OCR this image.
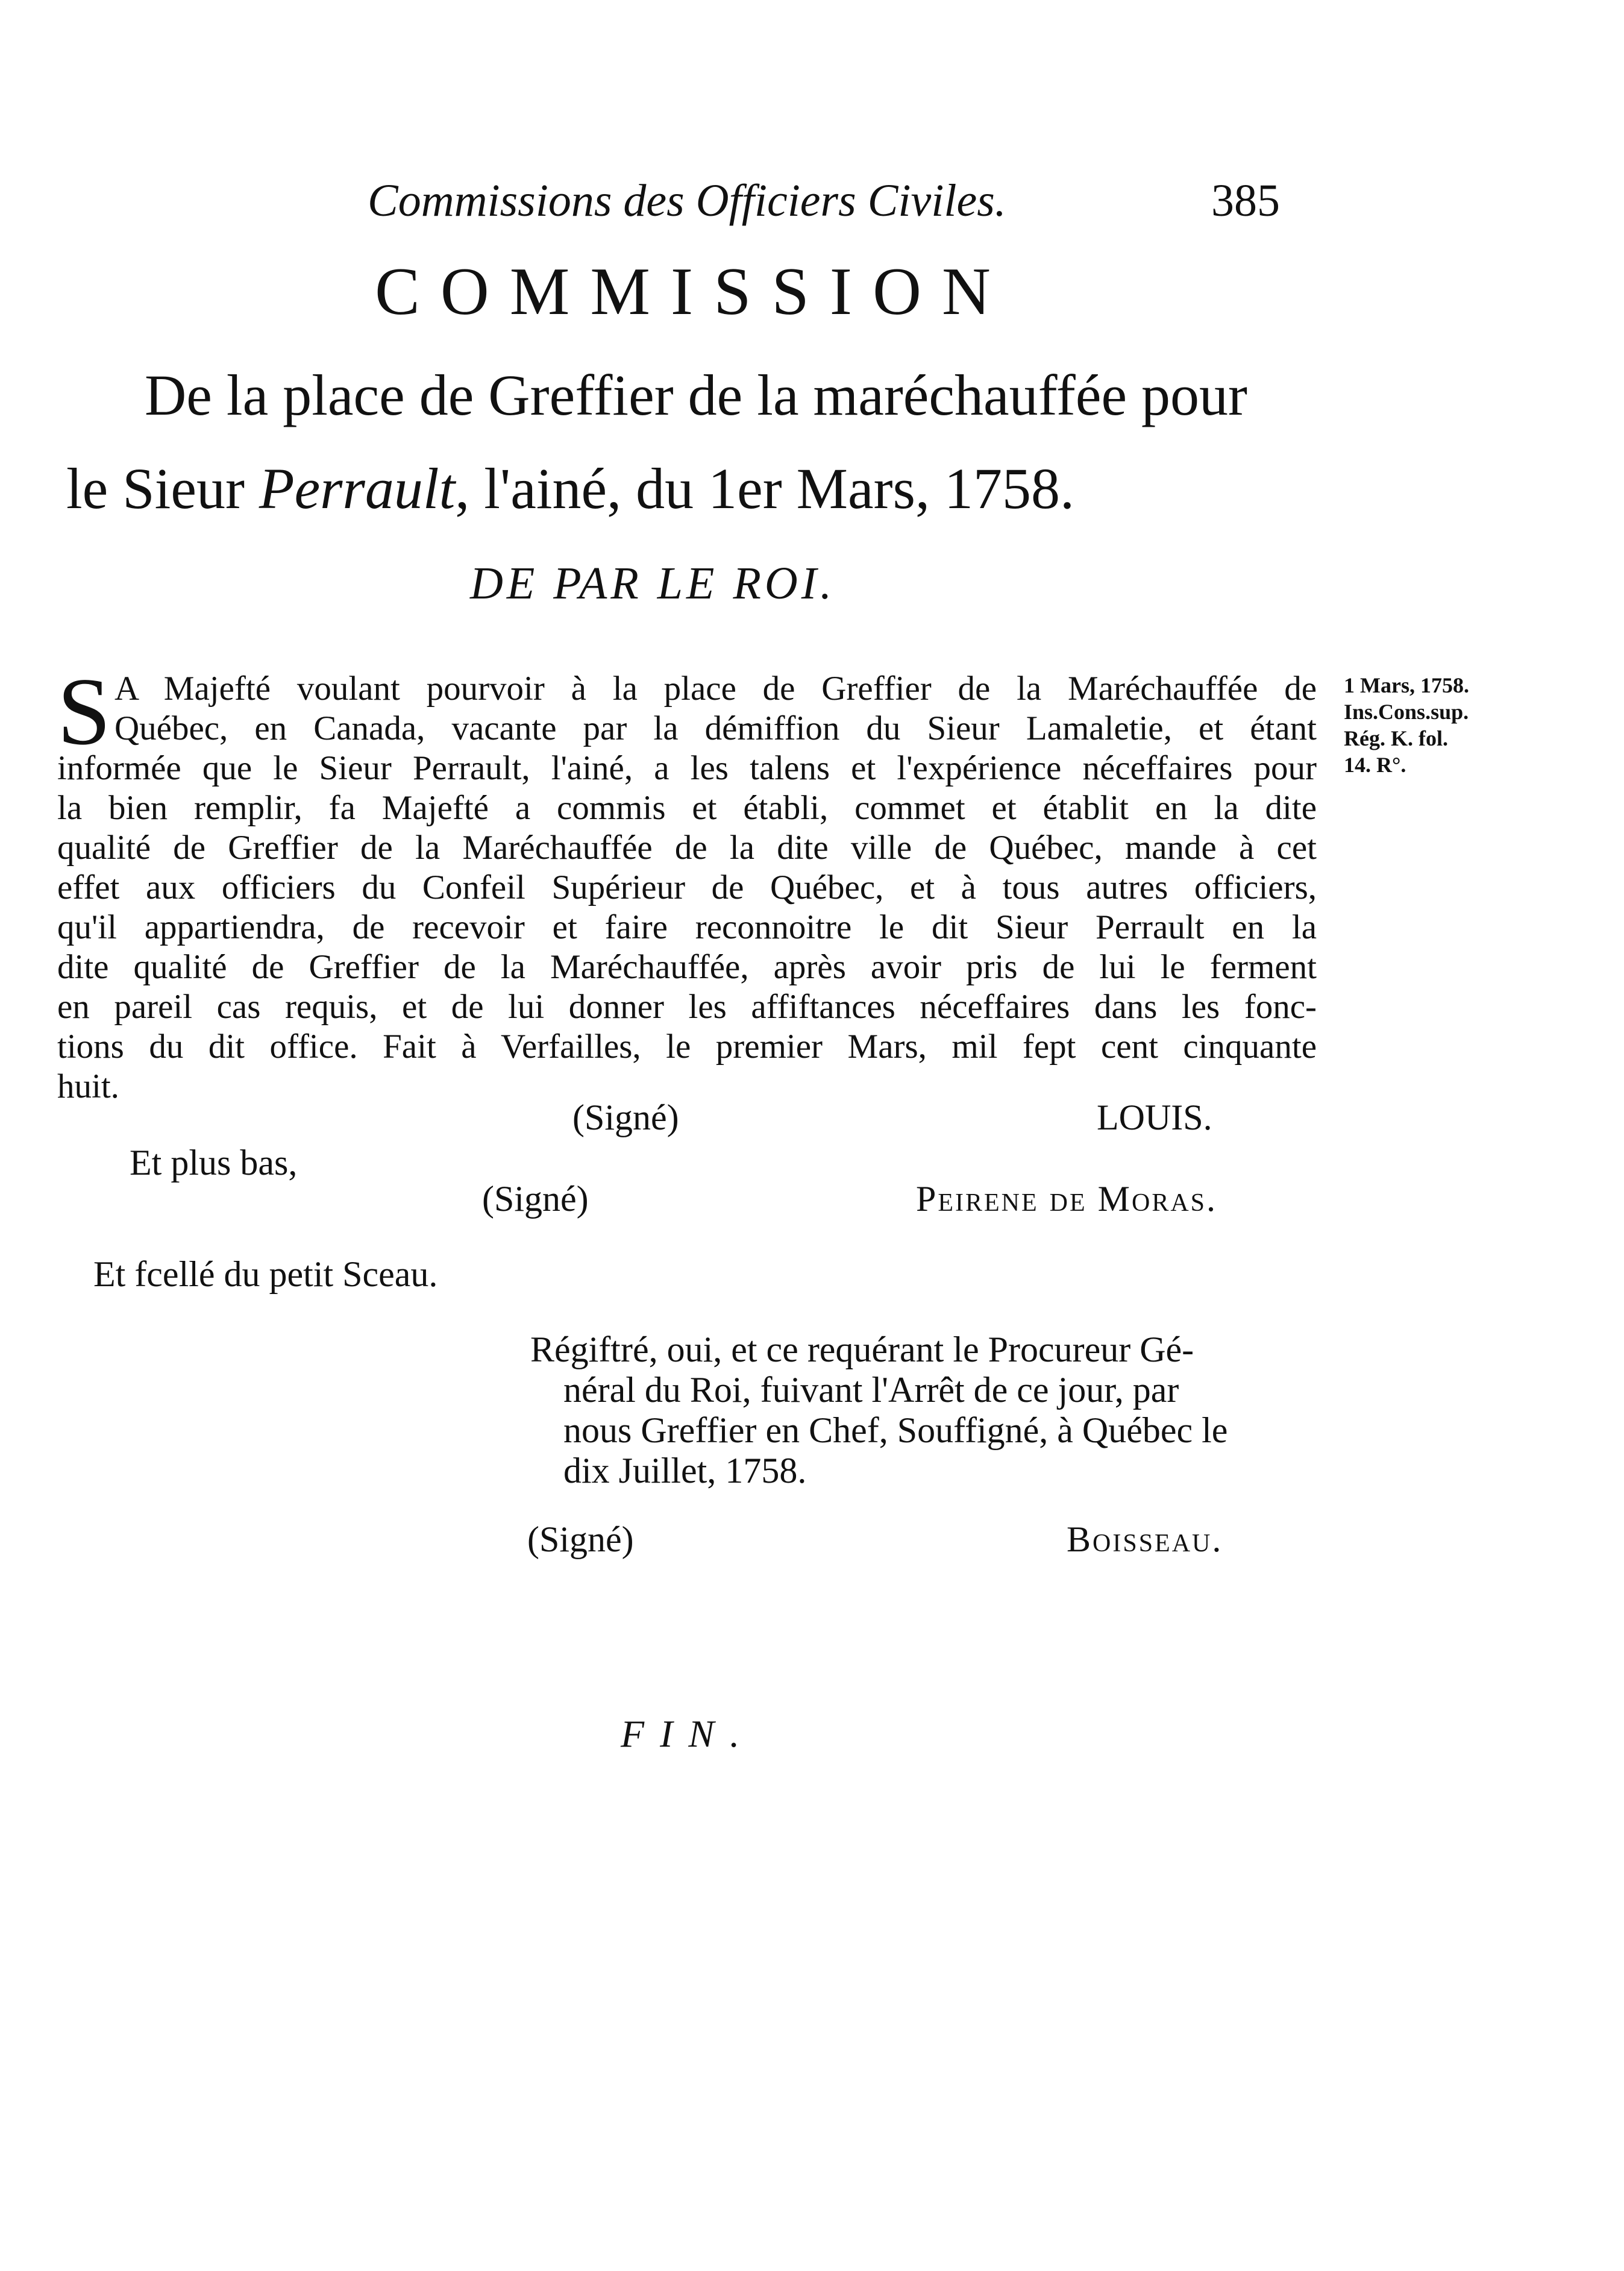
Commissions des Officiers Civiles.	385
COMMISSION
De la place de Greffier de la maréchauffée pour
le Sieur Perrault, l'ainé, du 1er Mars, 1758.
DE PAR LE ROI.
1 Mars, 1758.
Ins.Cons.sup.
Rég. K. fol.
14. R°.
S A Majefté voulant pourvoir à la place de Greffier de la Maréchauffée de
Québec, en Canada, vacante par la démiffion du Sieur Lamaletie, et étant
informée que le Sieur Perrault, l'ainé, a les talens et l'expérience néceffaires pour
la bien remplir, fa Majefté a commis et établi, commet et établit en la dite
qualité de Greffier de la Maréchauffée de la dite ville de Québec, mande à cet
effet aux officiers du Confeil Supérieur de Québec, et à tous autres officiers,
qu'il appartiendra, de recevoir et faire reconnoitre le dit Sieur Perrault en la
dite qualité de Greffier de la Maréchauffée, après avoir pris de lui le ferment
en pareil cas requis, et de lui donner les affiftances néceffaires dans les fonc-
tions du dit office. Fait à Verfailles, le premier Mars, mil fept cent cinquante
huit.
(Signé)	LOUIS.
Et plus bas,
(Signé)	Peirene de Moras.
Et fcellé du petit Sceau.
Régiftré, oui, et ce requérant le Procureur Gé-
néral du Roi, fuivant l'Arrêt de ce jour, par
nous Greffier en Chef, Souffigné, à Québec le
dix Juillet, 1758.
(Signé)	Boisseau.
FIN.
